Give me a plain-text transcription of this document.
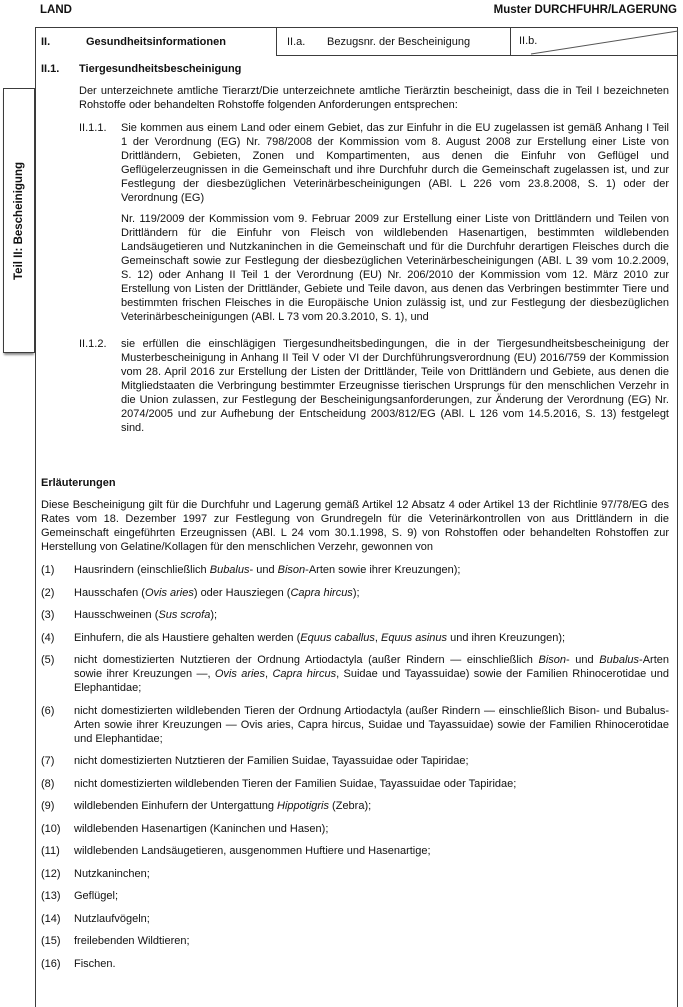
LAND	Muster DURCHFUHR/LAGERUNG
Teil II: Bescheinigung
II.	Gesundheitsinformationen	II.a.	Bezugsnr. der Bescheinigung	II.b.
II.1.	Tiergesundheitsbescheinigung
Der unterzeichnete amtliche Tierarzt/Die unterzeichnete amtliche Tierärztin bescheinigt, dass die in Teil I bezeichneten Rohstoffe oder behandelten Rohstoffe folgenden Anforderungen entsprechen:
II.1.1.	Sie kommen aus einem Land oder einem Gebiet, das zur Einfuhr in die EU zugelassen ist gemäß Anhang I Teil 1 der Verordnung (EG) Nr. 798/2008 der Kommission vom 8. August 2008 zur Erstellung einer Liste von Drittländern, Gebieten, Zonen und Kompartimenten, aus denen die Einfuhr von Geflügel und Geflügelerzeugnissen in die Gemeinschaft und ihre Durchfuhr durch die Gemeinschaft zugelassen ist, und zur Festlegung der diesbezüglichen Veterinärbescheinigungen (ABl. L 226 vom 23.8.2008, S. 1) oder der Verordnung (EG)

Nr. 119/2009 der Kommission vom 9. Februar 2009 zur Erstellung einer Liste von Drittländern und Teilen von Drittländern für die Einfuhr von Fleisch von wildlebenden Hasenartigen, bestimmten wildlebenden Landsäugetieren und Nutzkaninchen in die Gemeinschaft und für die Durchfuhr derartigen Fleisches durch die Gemeinschaft sowie zur Festlegung der diesbezüglichen Veterinärbescheinigungen (ABl. L 39 vom 10.2.2009, S. 12) oder Anhang II Teil 1 der Verordnung (EU) Nr. 206/2010 der Kommission vom 12. März 2010 zur Erstellung von Listen der Drittländer, Gebiete und Teile davon, aus denen das Verbringen bestimmter Tiere und bestimmten frischen Fleisches in die Europäische Union zulässig ist, und zur Festlegung der diesbezüglichen Veterinärbescheinigungen (ABl. L 73 vom 20.3.2010, S. 1), und

II.1.2.	sie erfüllen die einschlägigen Tiergesundheitsbedingungen, die in der Tiergesundheitsbescheinigung der Musterbescheinigung in Anhang II Teil V oder VI der Durchführungsverordnung (EU) 2016/759 der Kommission vom 28. April 2016 zur Erstellung der Listen der Drittländer, Teile von Drittländern und Gebiete, aus denen die Mitgliedstaaten die Verbringung bestimmter Erzeugnisse tierischen Ursprungs für den menschlichen Verzehr in die Union zulassen, zur Festlegung der Bescheinigungsanforderungen, zur Änderung der Verordnung (EG) Nr. 2074/2005 und zur Aufhebung der Entscheidung 2003/812/EG (ABl. L 126 vom 14.5.2016, S. 13) festgelegt sind.

Erläuterungen
Diese Bescheinigung gilt für die Durchfuhr und Lagerung gemäß Artikel 12 Absatz 4 oder Artikel 13 der Richtlinie 97/78/EG des Rates vom 18. Dezember 1997 zur Festlegung von Grundregeln für die Veterinärkontrollen von aus Drittländern in die Gemeinschaft eingeführten Erzeugnissen (ABl. L 24 vom 30.1.1998, S. 9) von Rohstoffen oder behandelten Rohstoffen zur Herstellung von Gelatine/Kollagen für den menschlichen Verzehr, gewonnen von
(1)	Hausrindern (einschließlich Bubalus- und Bison-Arten sowie ihrer Kreuzungen);
(2)	Hausschafen (Ovis aries) oder Hausziegen (Capra hircus);
(3)	Hausschweinen (Sus scrofa);
(4)	Einhufern, die als Haustiere gehalten werden (Equus caballus, Equus asinus und ihren Kreuzungen);
(5)	nicht domestizierten Nutztieren der Ordnung Artiodactyla (außer Rindern — einschließlich Bison- und Bubalus-Arten sowie ihrer Kreuzungen —, Ovis aries, Capra hircus, Suidae und Tayassuidae) sowie der Familien Rhinocerotidae und Elephantidae;
(6)	nicht domestizierten wildlebenden Tieren der Ordnung Artiodactyla (außer Rindern — einschließlich Bison- und Bubalus-Arten sowie ihrer Kreuzungen — Ovis aries, Capra hircus, Suidae und Tayassuidae) sowie der Familien Rhinocerotidae und Elephantidae;
(7)	nicht domestizierten Nutztieren der Familien Suidae, Tayassuidae oder Tapiridae;
(8)	nicht domestizierten wildlebenden Tieren der Familien Suidae, Tayassuidae oder Tapiridae;
(9)	wildlebenden Einhufern der Untergattung Hippotigris (Zebra);
(10)	wildlebenden Hasenartigen (Kaninchen und Hasen);
(11)	wildlebenden Landsäugetieren, ausgenommen Huftiere und Hasenartige;
(12)	Nutzkaninchen;
(13)	Geflügel;
(14)	Nutzlaufvögeln;
(15)	freilebenden Wildtieren;
(16)	Fischen.
